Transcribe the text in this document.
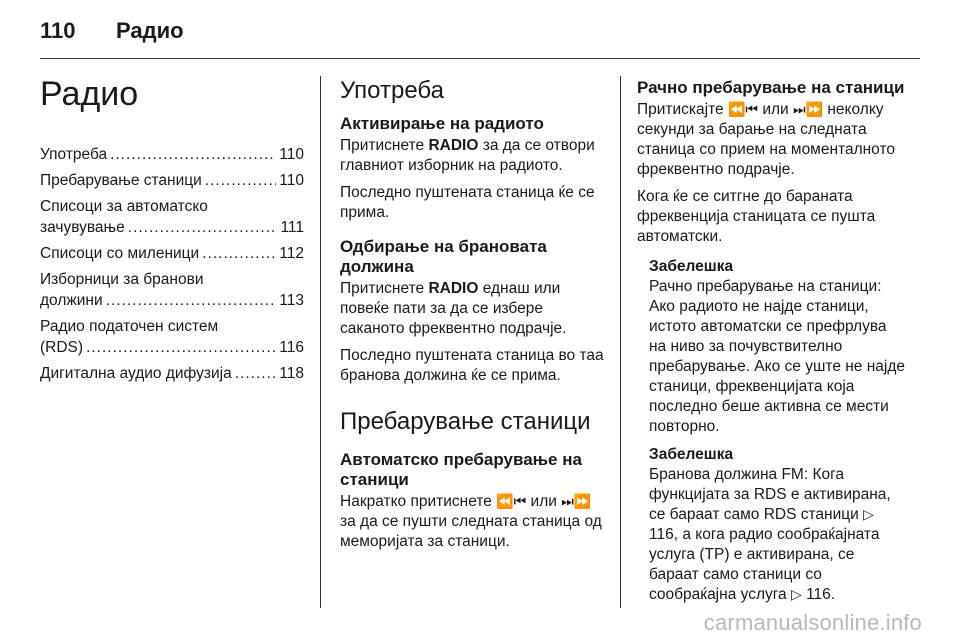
110 Радио
Радио
Употреба .....	110
Пребарување станици .....	110
Списоци за автоматско
зачувување .....	111
Списоци со миленици .....	112
Изборници за бранови
должини .....	113
Радио податочен систем
(RDS) .....	116
Дигитална аудио дифузија .....	118
Употреба
Активирање на радиото

Притиснете RADIO за да се отвори главниот изборник на радиото.

Последно пуштената станица ќе се прима.

Одбирање на брановата должина

Притиснете RADIO еднаш или повеќе пати за да се избере саканото фреквентно подрачје.

Последно пуштената станица во таа бранова должина ќе се прима.

Пребарување станици
Автоматско пребарување на станици

Накратко притиснете ⏪⏮ или ⏭⏩ за да се пушти следната станица од меморијата за станици.

Рачно пребарување на станици

Притискајте ⏪⏮ или ⏭⏩ неколку секунди за барање на следната станица со прием на моменталното фреквентно подрачје.

Кога ќе се ситгне до бараната фреквенција станицата се пушта автоматски.

Забелешка

Рачно пребарување на станици: Ако радиото не најде станици, истото автоматски се префрлува на ниво за почувствително пребарување. Ако се уште не најде станици, фреквенцијата која последно беше активна се мести повторно.

Забелешка

Бранова должина FM: Кога функцијата за RDS е активирана, се бараат само RDS станици ▷ 116, а кога радио сообраќајната услуга (TP) е активирана, се бараат само станици со сообраќајна услуга ▷ 116.

carmanualsonline.info
